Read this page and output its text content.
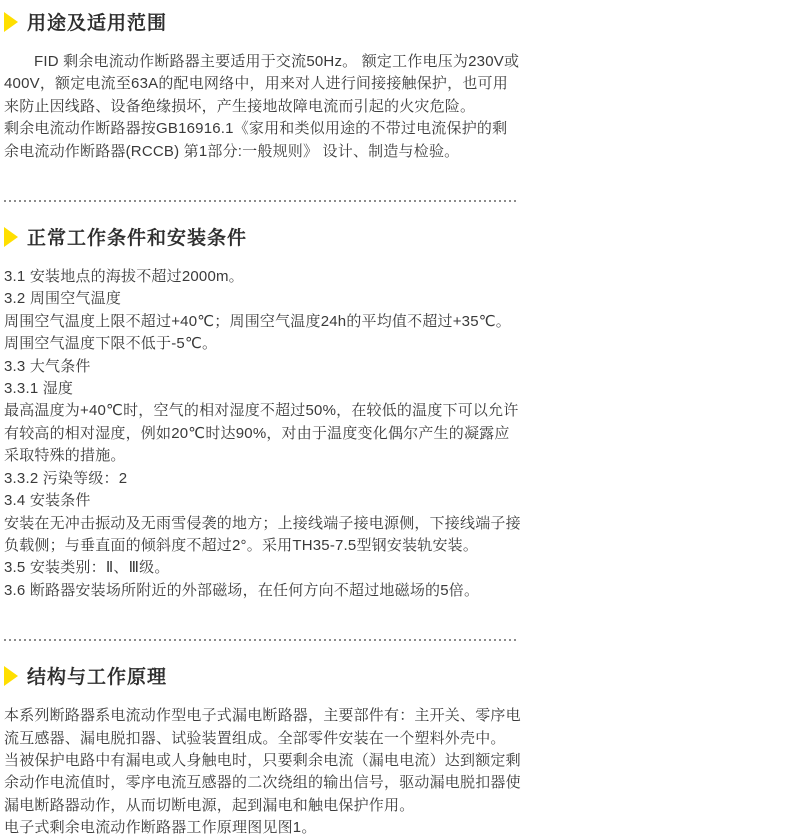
用途及适用范围

FID 剩余电流动作断路器主要适用于交流50Hz。 额定工作电压为230V或400V，额定电流至63A的配电网络中，用来对人进行间接接触保护，也可用来防止因线路、设备绝缘损坏，产生接地故障电流而引起的火灾危险。

剩余电流动作断路器按GB16916.1《家用和类似用途的不带过电流保护的剩余电流动作断路器(RCCB) 第1部分:一般规则》 设计、制造与检验。

正常工作条件和安装条件

3.1 安装地点的海拔不超过2000m。

3.2 周围空气温度

周围空气温度上限不超过+40℃；周围空气温度24h的平均值不超过+35℃。周围空气温度下限不低于-5℃。

3.3 大气条件

3.3.1 湿度

最高温度为+40℃时，空气的相对湿度不超过50%，在较低的温度下可以允许有较高的相对湿度，例如20℃时达90%，对由于温度变化偶尔产生的凝露应采取特殊的措施。

3.3.2 污染等级：2

3.4 安装条件

安装在无冲击振动及无雨雪侵袭的地方；上接线端子接电源侧，下接线端子接负载侧；与垂直面的倾斜度不超过2°。采用TH35-7.5型钢安装轨安装。

3.5 安装类别：Ⅱ、Ⅲ级。

3.6 断路器安装场所附近的外部磁场，在任何方向不超过地磁场的5倍。

结构与工作原理

本系列断路器系电流动作型电子式漏电断路器，主要部件有：主开关、零序电流互感器、漏电脱扣器、试验装置组成。全部零件安装在一个塑料外壳中。

当被保护电路中有漏电或人身触电时，只要剩余电流（漏电电流）达到额定剩余动作电流值时，零序电流互感器的二次绕组的输出信号，驱动漏电脱扣器使漏电断路器动作，从而切断电源，起到漏电和触电保护作用。

电子式剩余电流动作断路器工作原理图见图1。
